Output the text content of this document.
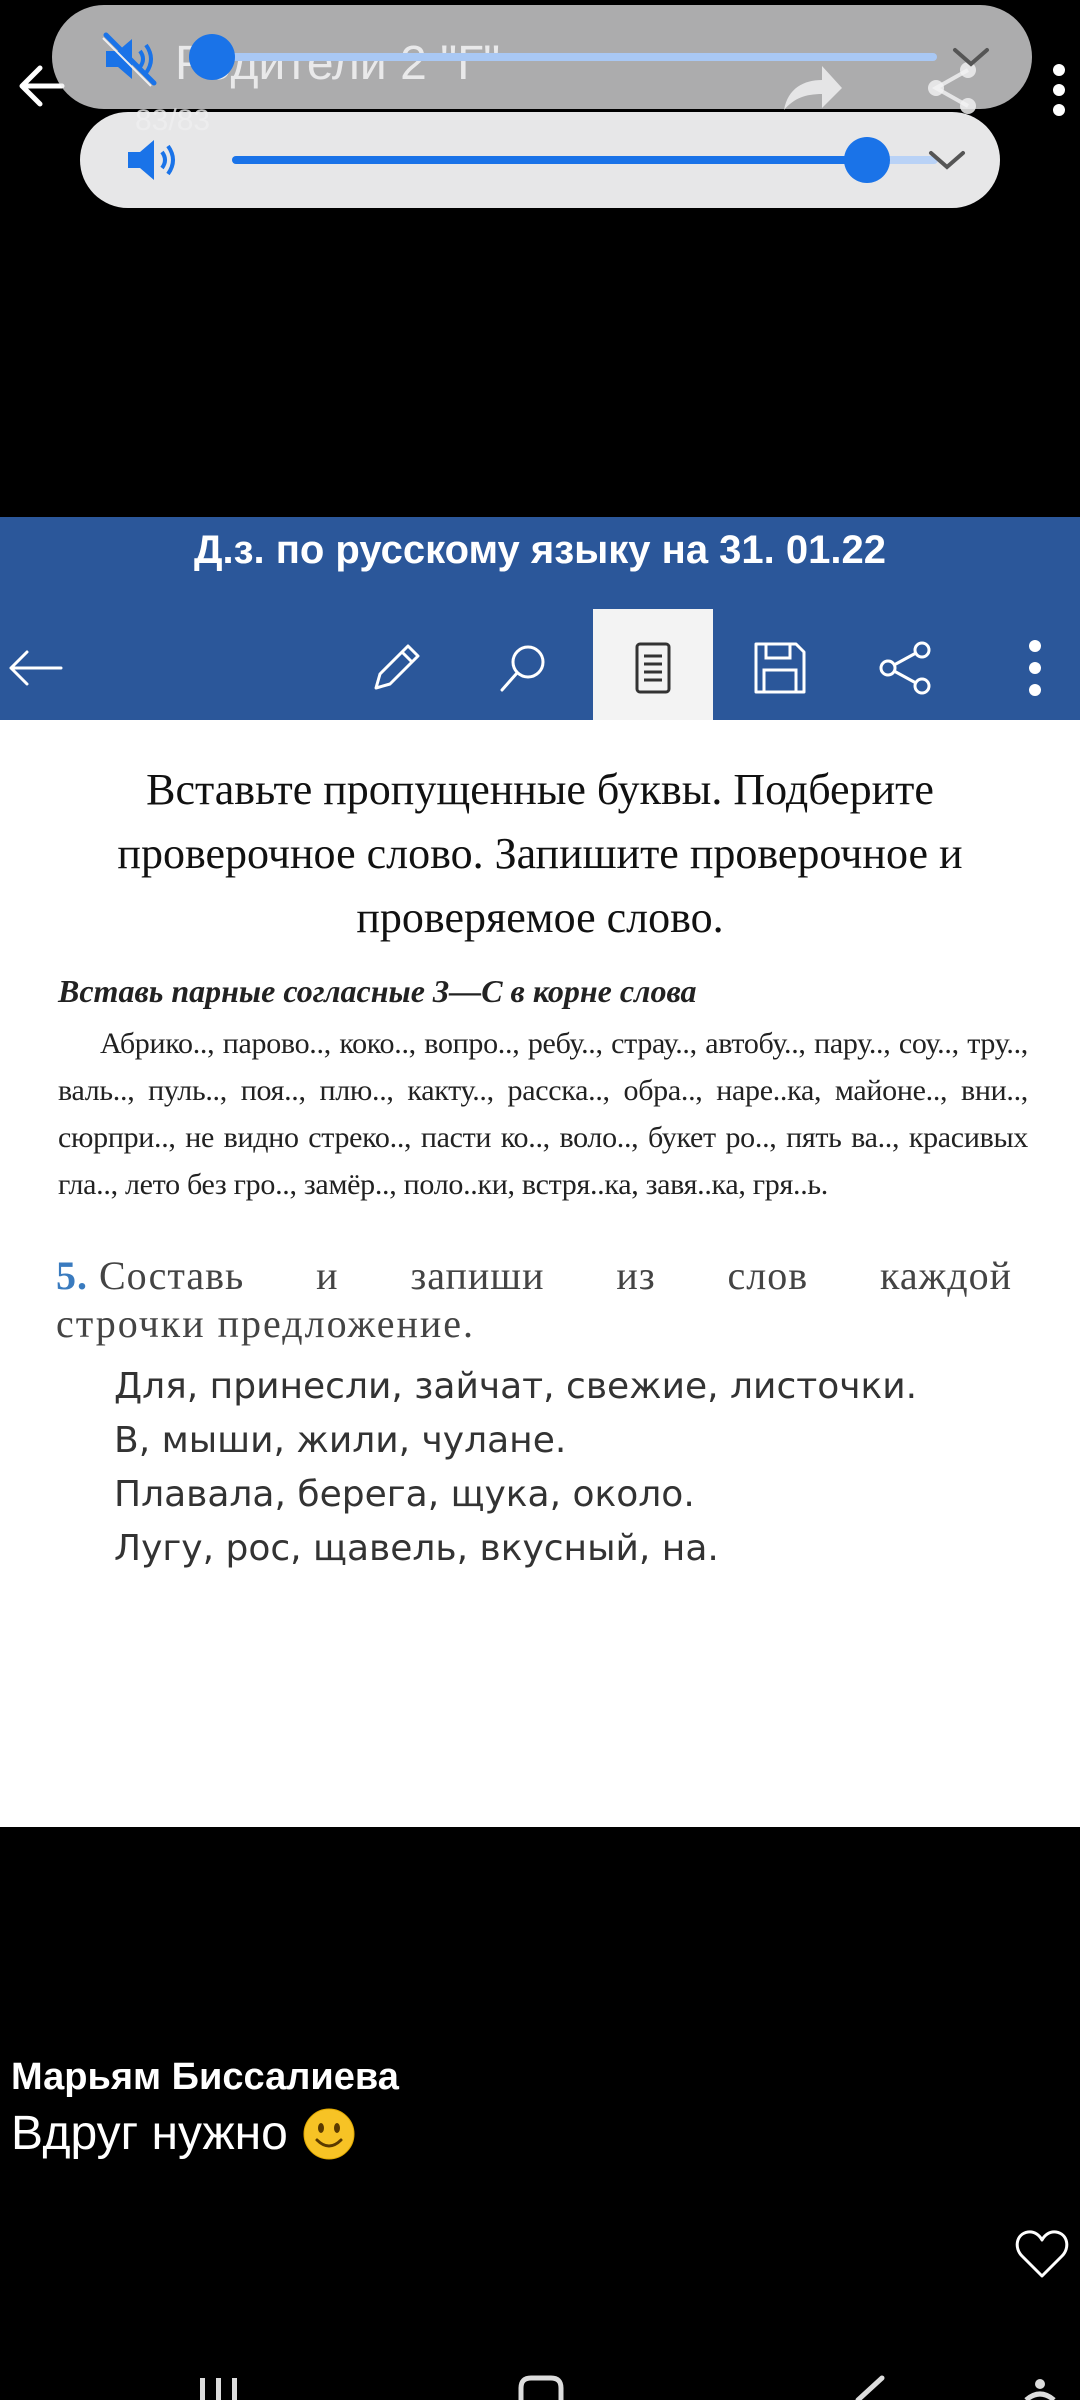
Д.з. по русскому языку на 31. 01.22
Вставьте пропущенные буквы. Подберите проверочное слово. Запишите проверочное и проверяемое слово.
Вставь парные согласные З—С в корне слова
Абрико.., парово.., коко.., вопро.., ребу.., страу.., автобу.., пару.., соу.., тру.., валь.., пуль.., поя.., плю.., какту.., расска.., обра.., наре..ка, майоне.., вни.., сюрпри.., не видно стреко.., пасти ко.., воло.., букет ро.., пять ва.., красивых гла.., лето без гро.., замёр.., поло..ки, встря..ка, завя..ка, гря..ь.
5. Составь и запиши из слов каждой
строчки предложение.
Для, принесли, зайчат, свежие, листочки.
В, мыши, жили, чулане.
Плавала, берега, щука, около.
Лугу, рос, щавель, вкусный, на.
Марьям Биссалиева
Вдруг нужно
